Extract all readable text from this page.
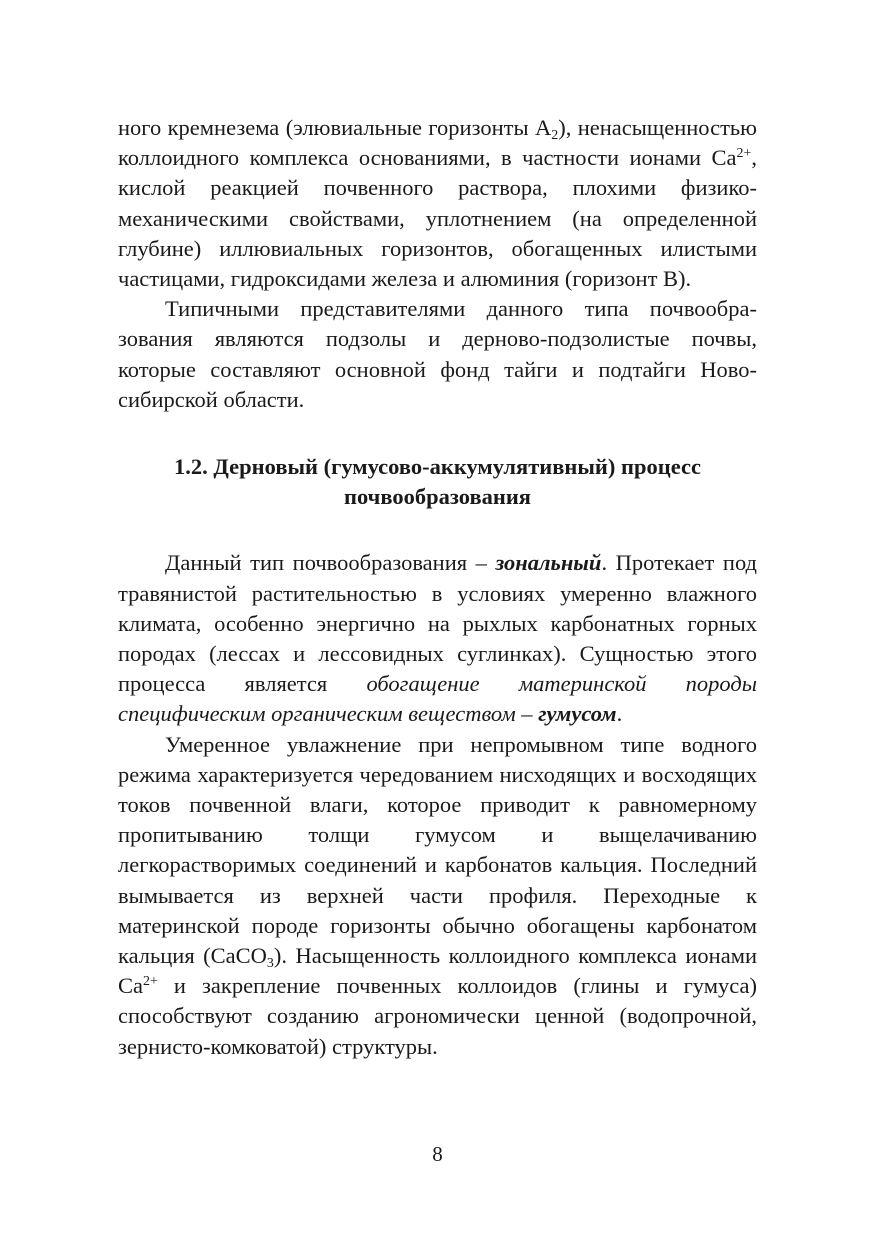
ного кремнезема (элювиальные горизонты $А_2$), ненасыщенностью коллоидного комплекса основаниями, в частности ионами $Са^{2+}$, кислой реакцией почвенного раствора, плохими физико-механическими свойствами, уплотнением (на определенной глубине) иллювиальных горизонтов, обогащенных илистыми частицами, гидроксидами железа и алюминия (горизонт В).

Типичными представителями данного типа почвообразования являются подзолы и дерново-подзолистые почвы, которые составляют основной фонд тайги и подтайги Новосибирской области.

1.2. Дерновый (гумусово-аккумулятивный) процесс
почвообразования

Данный тип почвообразования – зональный. Протекает под травянистой растительностью в условиях умеренно влажного климата, особенно энергично на рыхлых карбонатных горных породах (лессах и лессовидных суглинках). Сущностью этого процесса является обогащение материнской породы специфическим органическим веществом – гумусом.

Умеренное увлажнение при непромывном типе водного режима характеризуется чередованием нисходящих и восходящих токов почвенной влаги, которое приводит к равномерному пропитыванию толщи гумусом и выщелачиванию легкорастворимых соединений и карбонатов кальция. Последний вымывается из верхней части профиля. Переходные к материнской породе горизонты обычно обогащены карбонатом кальция (CaCO$_3$). Насыщенность коллоидного комплекса ионами $Са^{2+}$ и закрепление почвенных коллоидов (глины и гумуса) способствуют созданию агрономически ценной (водопрочной, зернисто-комковатой) структуры.

8
